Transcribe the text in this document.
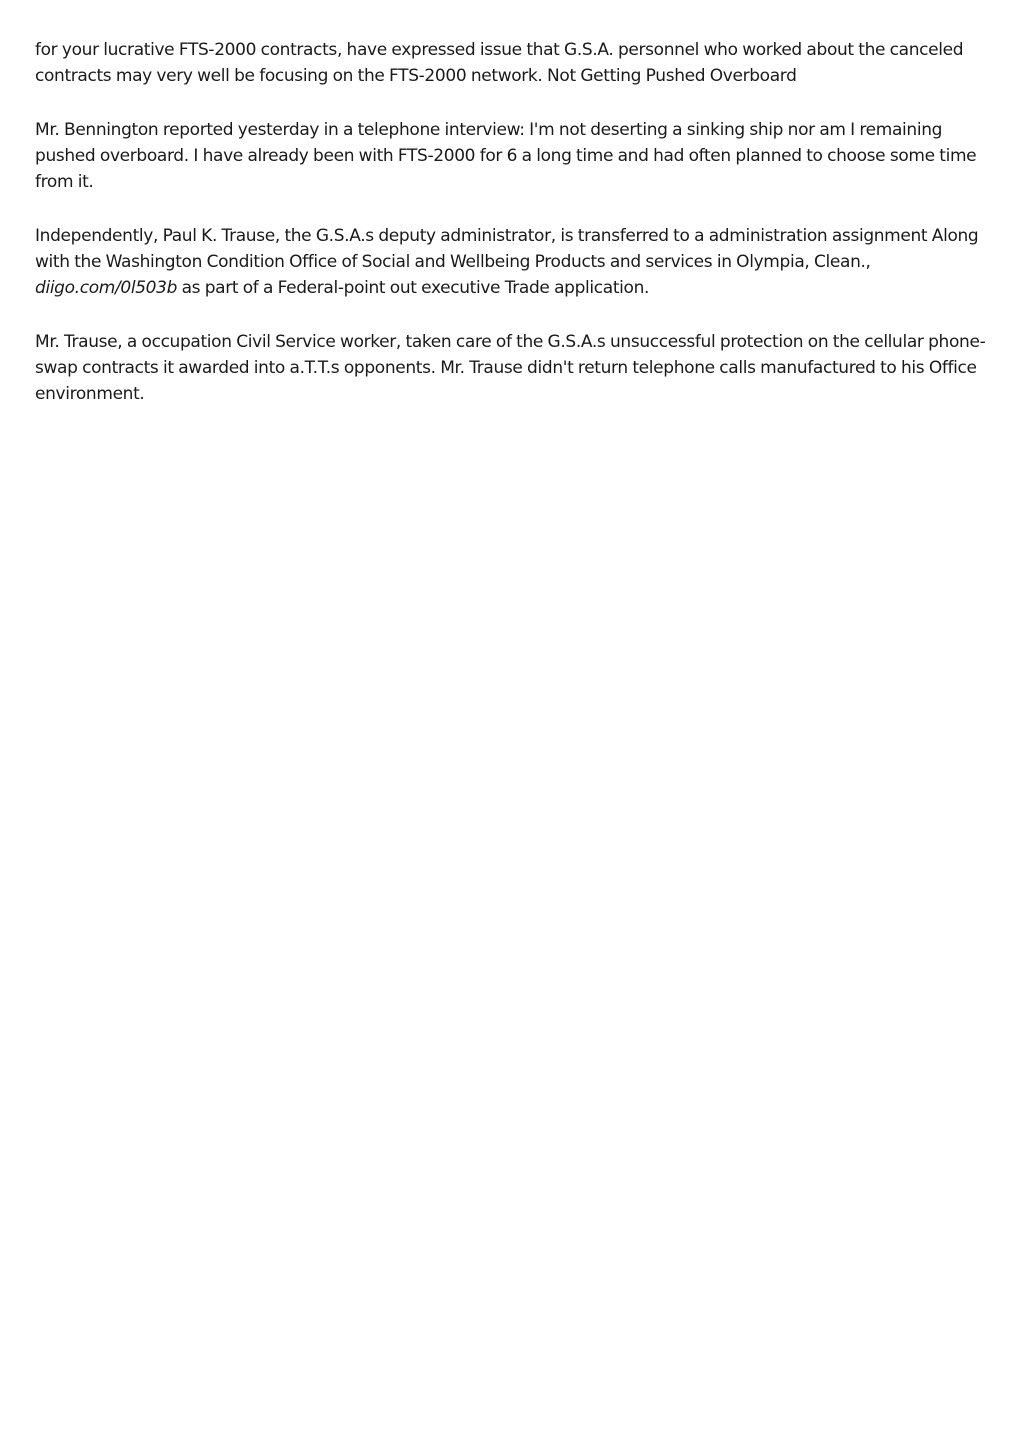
for your lucrative FTS-2000 contracts, have expressed issue that G.S.A. personnel who worked about the canceled contracts may very well be focusing on the FTS-2000 network. Not Getting Pushed Overboard

Mr. Bennington reported yesterday in a telephone interview: I'm not deserting a sinking ship nor am I remaining pushed overboard. I have already been with FTS-2000 for 6 a long time and had often planned to choose some time from it.

Independently, Paul K. Trause, the G.S.A.s deputy administrator, is transferred to a administration assignment Along with the Washington Condition Office of Social and Wellbeing Products and services in Olympia, Clean., diigo.com/0l503b as part of a Federal-point out executive Trade application.

Mr. Trause, a occupation Civil Service worker, taken care of the G.S.A.s unsuccessful protection on the cellular phone-swap contracts it awarded into a.T.T.s opponents. Mr. Trause didn't return telephone calls manufactured to his Office environment.
